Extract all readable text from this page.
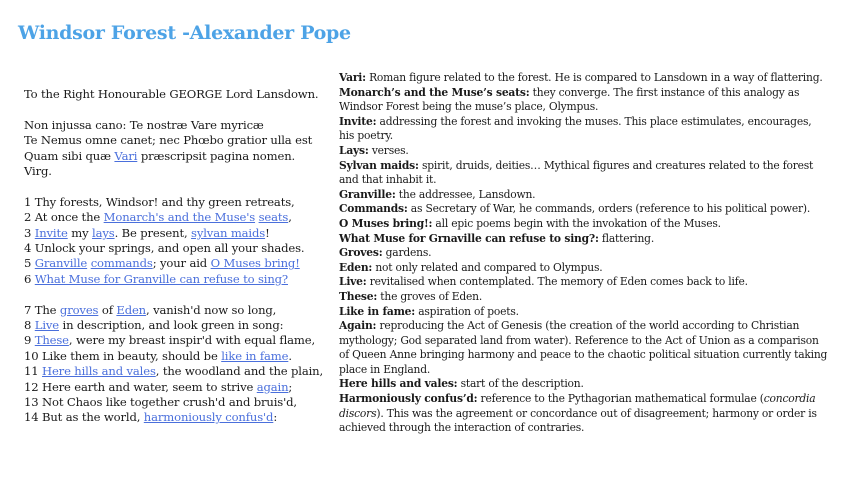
Windsor Forest -Alexander Pope

To the Right Honourable GEORGE Lord Lansdown.

Non injussa cano: Te nostræ Vare myricæ

Te Nemus omne canet; nec Phœbo gratior ulla est

Quam sibi quæ Vari præscripsit pagina nomen.

Virg.

1 Thy forests, Windsor! and thy green retreats,

2 At once the Monarch's and the Muse's seats,

3 Invite my lays. Be present, sylvan maids!

4 Unlock your springs, and open all your shades.

5 Granville commands; your aid O Muses bring!

6 What Muse for Granville can refuse to sing?

7 The groves of Eden, vanish'd now so long,

8 Live in description, and look green in song:

9 These, were my breast inspir'd with equal flame,

10 Like them in beauty, should be like in fame.

11 Here hills and vales, the woodland and the plain,

12 Here earth and water, seem to strive again;

13 Not Chaos like together crush'd and bruis'd,

14 But as the world, harmoniously confus'd:

Vari: Roman figure related to the forest. He is compared to Lansdown in a way of flattering.

Monarch’s and the Muse’s seats: they converge. The first instance of this analogy as Windsor Forest being the muse’s place, Olympus.

Invite: addressing the forest and invoking the muses. This place estimulates, encourages, his poetry.

Lays: verses.

Sylvan maids: spirit, druids, deities… Mythical figures and creatures related to the forest and that inhabit it.

Granville: the addressee, Lansdown.

Commands: as Secretary of War, he commands, orders (reference to his political power).

O Muses bring!: all epic poems begin with the invokation of the Muses.

What Muse for Grnaville can refuse to sing?: flattering.

Groves: gardens.

Eden: not only related and compared to Olympus.

Live: revitalised when contemplated. The memory of Eden comes back to life.

These: the groves of Eden.

Like in fame: aspiration of poets.

Again: reproducing the Act of Genesis (the creation of the world according to Christian mythology; God separated land from water). Reference to the Act of Union as a comparison of Queen Anne bringing harmony and peace to the chaotic political situation currently taking place in England.

Here hills and vales: start of the description.

Harmoniously confus’d: reference to the Pythagorian mathematical formulae (concordia discors). This was the agreement or concordance out of disagreement; harmony or order is achieved through the interaction of contraries.
